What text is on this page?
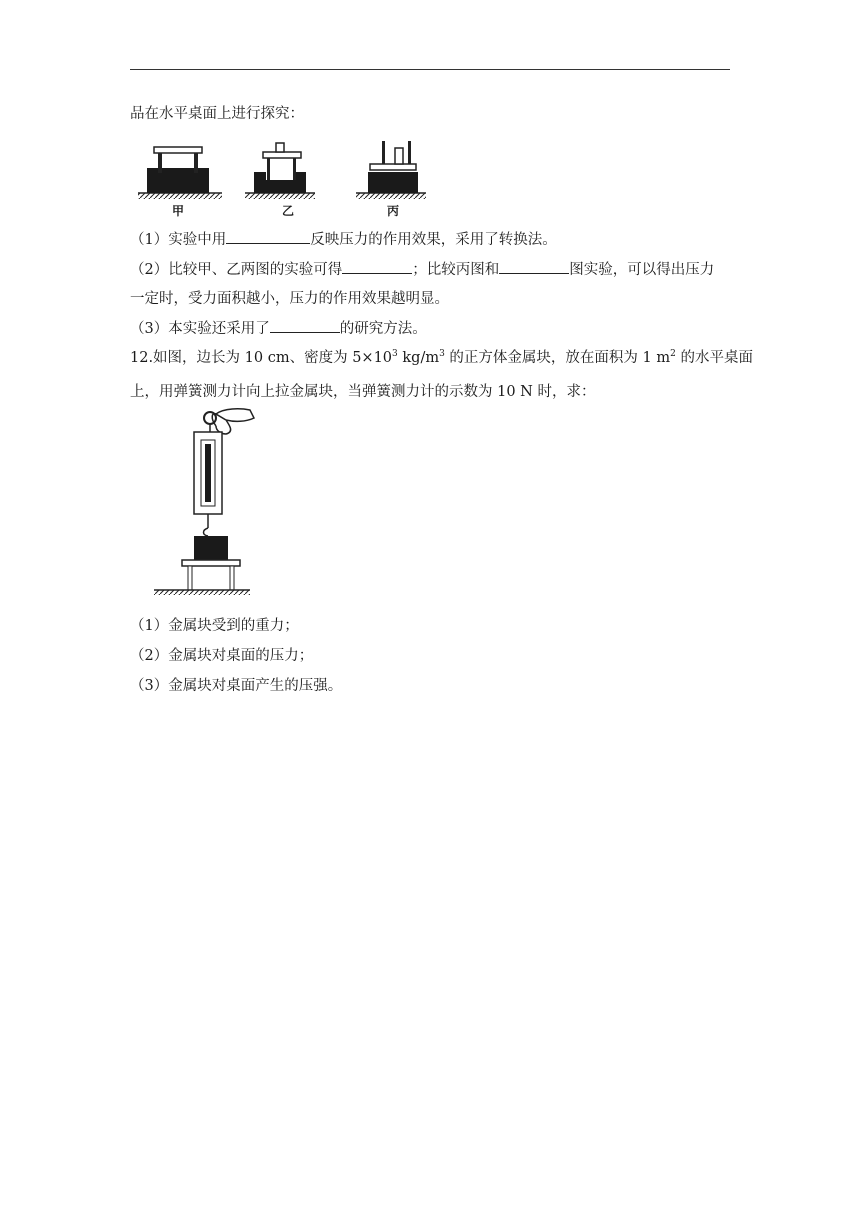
品在水平桌面上进行探究：
甲	乙	丙
（1）实验中用	反映压力的作用效果，采用了转换法。
（2）比较甲、乙两图的实验可得	；比较丙图和	图实验，可以得出压力
一定时，受力面积越小，压力的作用效果越明显。
（3）本实验还采用了	的研究方法。
12.如图，边长为 10 cm、密度为 $5\times 10^3$ $kg/m^3$ 的正方体金属块，放在面积为 1 $m^2$ 的水平桌面
上，用弹簧测力计向上拉金属块，当弹簧测力计的示数为 10 N 时，求：
（1）金属块受到的重力；
（2）金属块对桌面的压力；
（3）金属块对桌面产生的压强。
